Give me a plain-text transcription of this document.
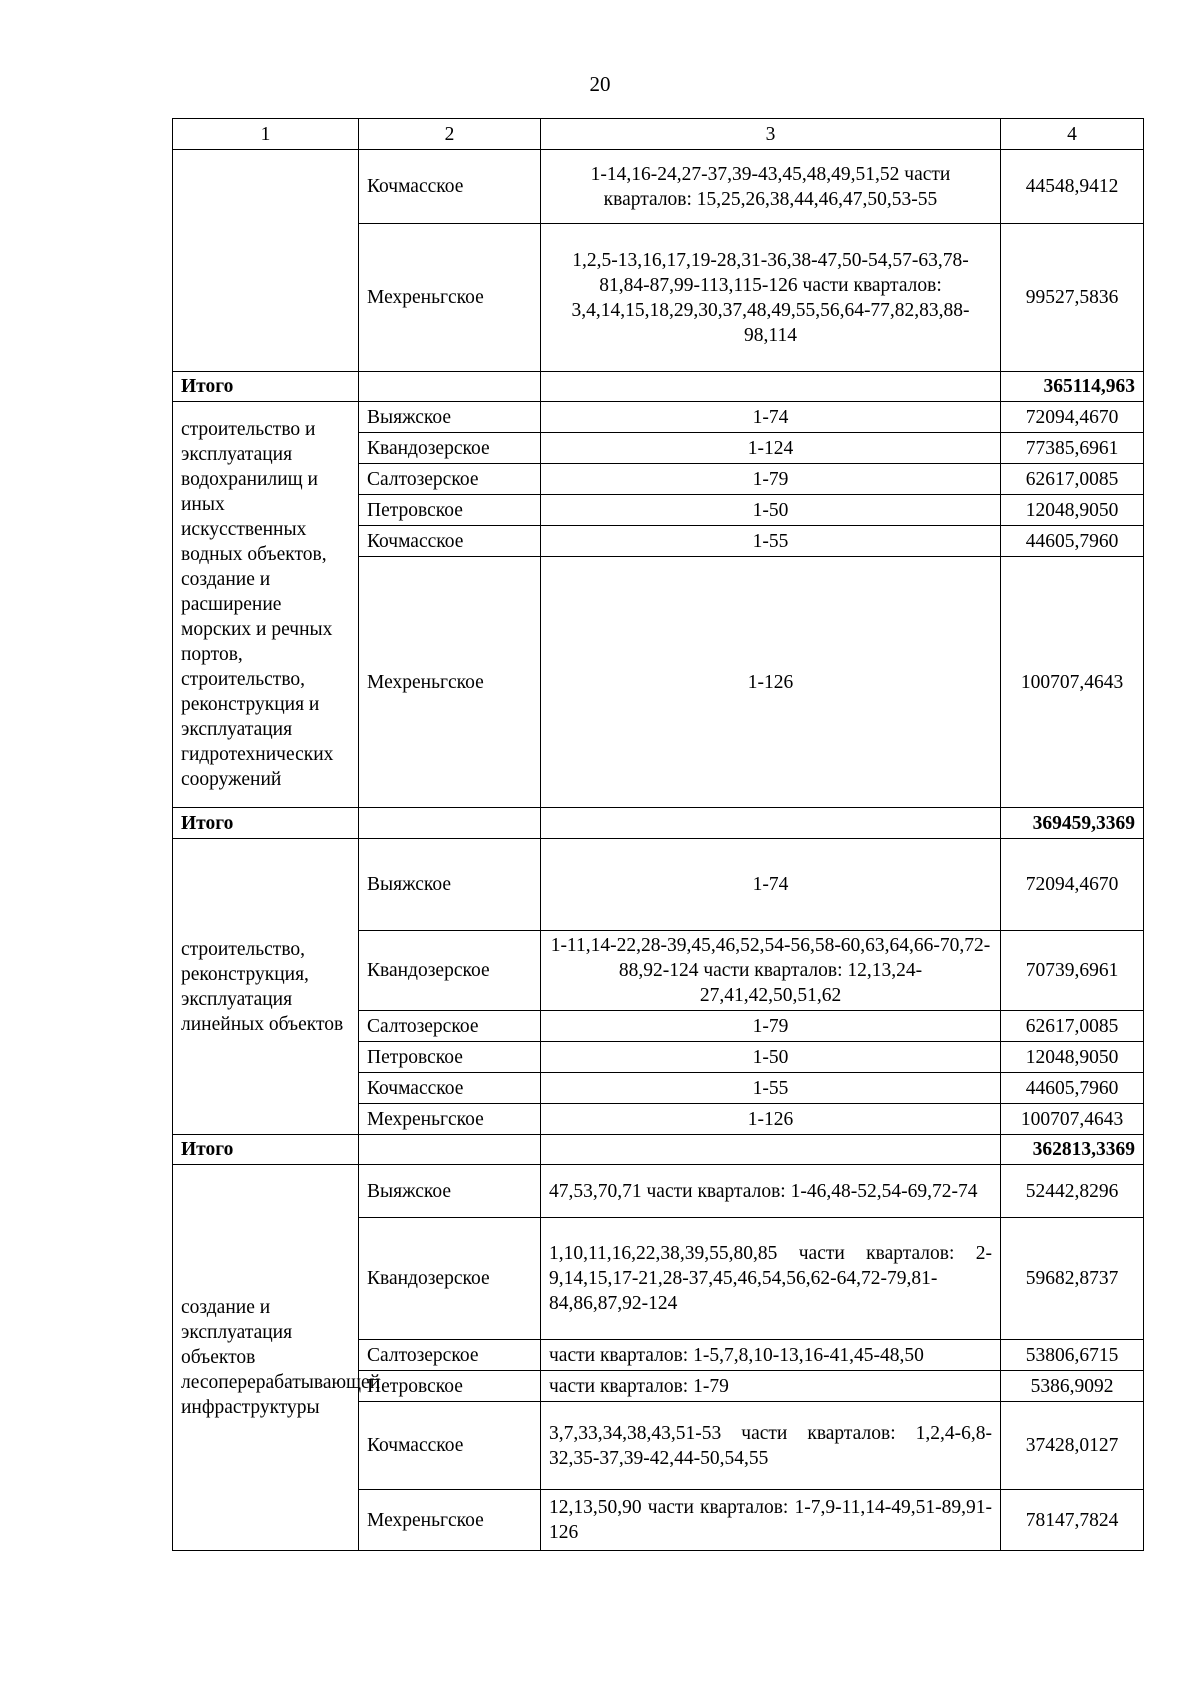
20
1	2	3	4
	Кочмасское	1-14,16-24,27-37,39-43,45,48,49,51,52 части кварталов: 15,25,26,38,44,46,47,50,53-55	44548,9412
	Мехреньгское	1,2,5-13,16,17,19-28,31-36,38-47,50-54,57-63,78-81,84-87,99-113,115-126 части кварталов: 3,4,14,15,18,29,30,37,48,49,55,56,64-77,82,83,88-98,114	99527,5836
Итого			365114,963
строительство и эксплуатация водохранилищ и иных искусственных водных объектов, создание и расширение морских и речных портов, строительство, реконструкция и эксплуатация гидротехнических сооружений	Выяжское	1-74	72094,4670
	Квандозерское	1-124	77385,6961
	Салтозерское	1-79	62617,0085
	Петровское	1-50	12048,9050
	Кочмасское	1-55	44605,7960
	Мехреньгское	1-126	100707,4643
Итого			369459,3369
строительство, реконструкция, эксплуатация линейных объектов	Выяжское	1-74	72094,4670
	Квандозерское	1-11,14-22,28-39,45,46,52,54-56,58-60,63,64,66-70,72-88,92-124 части кварталов: 12,13,24-27,41,42,50,51,62	70739,6961
	Салтозерское	1-79	62617,0085
	Петровское	1-50	12048,9050
	Кочмасское	1-55	44605,7960
	Мехреньгское	1-126	100707,4643
Итого			362813,3369
создание и эксплуатация объектов лесоперерабатывающей инфраструктуры	Выяжское	47,53,70,71 части кварталов: 1-46,48-52,54-69,72-74	52442,8296
	Квандозерское	1,10,11,16,22,38,39,55,80,85 части кварталов: 2-9,14,15,17-21,28-37,45,46,54,56,62-64,72-79,81-84,86,87,92-124	59682,8737
	Салтозерское	части кварталов: 1-5,7,8,10-13,16-41,45-48,50	53806,6715
	Петровское	части кварталов: 1-79	5386,9092
	Кочмасское	3,7,33,34,38,43,51-53 части кварталов: 1,2,4-6,8-32,35-37,39-42,44-50,54,55	37428,0127
	Мехреньгское	12,13,50,90 части кварталов: 1-7,9-11,14-49,51-89,91-126	78147,7824
